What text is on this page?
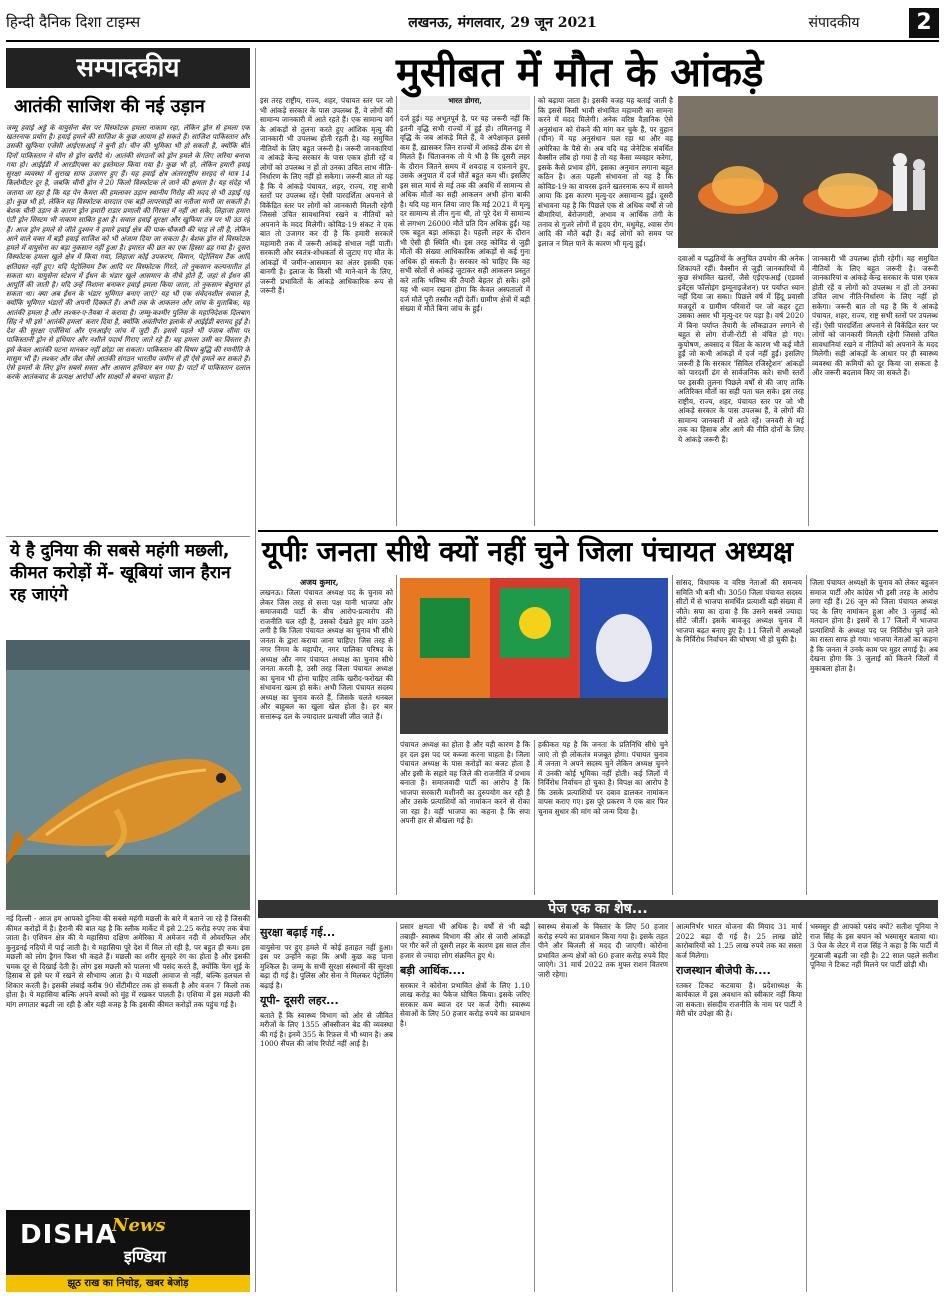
हिन्दी दैनिक दिशा टाइम्स	लखनऊ, मंगलवार, 29 जून 2021	संपादकीय	2
सम्पादकीय
आतंकी साजिश की नई उड़ान
जम्मू हवाई अड्डे के वायुसेना बेस पर विस्फोटक हमला नाकाम रहा, लेकिन ड्रोन से हमला एक खतरनाक प्रयोग है। हवाई हमले की साजिश के कुछ आयाम हो सकते हैं। साजिश पाकिस्तान और उसकी खुफिया एजेंसी आईएसआई ने बुनी हो। चीन की भूमिका भी हो सकती है, क्योंकि बीते दिनों पाकिस्तान ने चीन से ड्रोन खरीदे थे। आतंकी संगठनों को ड्रोन हमले के लिए जरिया बनाया गया हो। आईईडी में आरडीएक्स का इस्तेमाल किया गया है। कुछ भी हो, लेकिन हमारी हवाई सुरक्षा व्यवस्था में सुराख साफ उजागर हुए हैं। यह हवाई क्षेत्र अंतरराष्ट्रीय सरहद से मात्र 14 किलोमीटर दूर है, जबकि चीनी ड्रोन ने 20 किलो विस्फोटक ले जाने की क्षमता है। यह संदेह भी जताया जा रहा है कि यह पेन कैमरा की हमलावर उड़ान स्थानीय गिरोह की मदद से भी उड़ाई गई हो। कुछ भी हो, लेकिन यह विस्फोटक वारदात एक बड़ी लापरवाही का नतीजा मानी जा सकती है। बेशक चीनी उड़ान के कारण ड्रोन हमारी राडार प्रणाली की गिरफ्त में नहीं आ सके, लिहाजा हमारा एंटी ड्रोन सिस्टम भी नाकाम साबित हुआ है। सवाल हवाई सुरक्षा और खुफिया तंत्र पर भी उठ रहे हैं। आज ड्रोन हमले से जीते दुश्मन ने हमारे हवाई क्षेत्र की पाक-चौकसी की चाह ले ली है, लेकिन आने वाले वक्त में बड़ी हवाई साजिश को भी अंजाम दिया जा सकता है। बेशक ड्रोन से विस्फोटक हमले में वायुसेना का बड़ा नुकसान नहीं हुआ है। इमारत की छत का एक हिस्सा ढह गया है। दूसरा विस्फोटक हमला खुले क्षेत्र में किया गया, लिहाजा कोई उपकरण, विमान, पेट्रोलियम टैंक आदि क्षतिग्रस्त नहीं हुए। यदि पेट्रोलियम टैंक आदि पर विस्फोटक गिरते, तो नुकसान कल्पनातीत हो सकता था। वायुसेना स्टेशन में ईंधन के भंडार खुले आसमान के नीचे होते हैं, जहां से ईंधन की आपूर्ति की जाती है। यदि उन्हें निशाना बनाकर हवाई हमला किया जाता, तो नुकसान बेशुमार हो सकता था। क्या अब ईंधन के भंडार भूमिगत बनाए जाएं? यह भी एक संवेदनशील सवाल है, क्योंकि भूमिगत भंडारों की अपनी दिक्कतें हैं। अभी तक के आकलन और जांच के मुताबिक, यह आतंकी हमला है और लश्कर-ए-तैयबा ने कराया है। जम्मू-कश्मीर पुलिस के महानिदेशक दिलबाग सिंह ने भी इसे 'आतंकी हमला' करार दिया है, क्योंकि अवंतीपोरा इलाके से आईईडी बरामद हुई है। देश की सुरक्षा एजेंसियां और एनआईए जांच में जुटी हैं। इससे पहले भी पंजाब सीमा पर पाकिस्तानी ड्रोन से हथियार और नशीले पदार्थ गिराए जाते रहे हैं। यह हमला उसी का विस्तार है। इसे केवल आतंकी घटना मानकर नहीं छोड़ा जा सकता। पाकिस्तान की विषम बुद्धि की रणनीति के मासूम भी हैं। लश्कर और जैश जैसे आतंकी संगठन भारतीय जमीन से ही ऐसे हमले कर सकते हैं। ऐसे हमलों के लिए ड्रोन सबसे सस्ता और आसान हथियार बन गया है। पाटों में पाकिस्तान दलाल करके आतंकवाद के प्रत्यक्ष आरोपों और साक्ष्यों से बचना चाहता है।
ये है दुनिया की सबसे महंगी मछली, कीमत करोड़ों में- खूबियां जान हैरान रह जाएंगे
नई दिल्ली - आज हम आपको दुनिया की सबसे महंगी मछली के बारे में बताने जा रहे हैं जिसकी कीमत करोड़ों में है। हैरानी की बात यह है कि स्लीक मार्केट में इसे 2.25 करोड़ रुपए तक बेचा जाता है। एशियन क्षेत्र की ये महासिया दक्षिण अमेरिका में अमेजन नदी में ओवरफिल और कुनुडनई नदियों में पाई जाती है। ये महासिया पूरे देश में मिल तो रही है, पर बहुत ही कम। इस मछली को लोग ड्रैगन फिश भी कहते हैं। मछली का शरीर सुनहरे रंग का होता है और इसकी चमक दूर से दिखाई देती है। लोग इस मछली को पालना भी पसंद करते हैं, क्योंकि फेंग शुई के हिसाब से इसे घर में रखने से सौभाग्य आता है। ये मछली आवाज से नहीं, बल्कि हलचल से शिकार करती है। इसकी लंबाई करीब 90 सेंटीमीटर तक हो सकती है और वजन 7 किलो तक होता है। ये महासिया बल्कि अपने बच्चों को मुंह में रखकर पालती है। एशिया में इस मछली की मांग लगातार बढ़ती जा रही है और यही वजह है कि इसकी कीमत करोड़ों तक पहुंच गई है।
DISHA
News
इण्डिया
झूठ राख का निचोड़, खबर बेजोड़
इस तरह राष्ट्रीय, राज्य, शहर, पंचायत स्तर पर जो भी आंकड़े सरकार के पास उपलब्ध हैं, वे लोगों की सामान्य जानकारी में आते रहते हैं। एक सामान्य वर्ग के आंकड़ों से तुलना करते हुए आंशिक मृत्यु की जानकारी भी उपलब्ध होती रहती है। यह समुचित नीतियों के लिए बहुत जरूरी है। जरूरी जानकारियां व आंकड़े केन्द्र सरकार के पास एकत्र होती रहें व लोगों को उपलब्ध न हों तो उनका उचित लाभ नीति-निर्धारण के लिए नहीं हो सकेगा। जरूरी बात तो यह है कि ये आंकड़े पंचायत, शहर, राज्य, राष्ट्र सभी स्तरों पर उपलब्ध रहें। ऐसी पारदर्शिता अपनाने से विकेंद्रित स्तर पर लोगों को जानकारी मिलती रहेगी जिससे उचित सावधानियां रखने व नीतियों को अपनाने के मदद मिलेगी। कोविड-19 संकट ने एक बात तो उजागर कर दी है कि हमारी सरकारें महामारी तक में जरूरी आंकड़े संभाल नहीं पातीं। सरकारी और स्वतंत्र-शोधकर्ता से जुटाए गए मौत के आंकड़ों में जमीन-आसमान का अंतर इसकी एक बानगी है। इलाज के किसी भी माने-वाने के लिए, जरूरी प्रभावितों के आंकड़े आधिकारिक रूप से जरूरी हैं।
भारत डोगरा,
दर्ज हुई। यह अभूतपूर्व है, पर यह जरूरी नहीं कि इतनी वृद्धि सभी राज्यों में हुई हो। तमिलनाडु में वृद्धि के जब आंकड़े मिले हैं, वे अपेक्षाकृत इससे कम हैं, ख़ासकर जिन राज्यों में आंकड़े ठीक ढंग से मिलते हैं। चिंताजनक तो ये भी है कि दूसरी लहर के दौरान जितने समय में शवदाह व दफ़नाने हुए, उसके अनुपात में दर्ज मौतें बहुत कम थीं। इसलिए इस साल मार्च से मई तक की अवधि में सामान्य से अधिक मौतों का सही आकलन अभी होना बाकी है। यदि यह मान लिया जाए कि मई 2021 में मृत्यु दर सामान्य से तीन गुना थी, तो पूरे देश में सामान्य से लगभग 26000 मौतें प्रति दिन अधिक हुईं। यह एक बहुत बड़ा आंकड़ा है। पहली लहर के दौरान भी ऐसी ही स्थिति थी। इस तरह कोविड से जुड़ी मौतों की संख्या आधिकारिक आंकड़ों से कई गुना अधिक हो सकती है। सरकार को चाहिए कि वह सभी स्रोतों से आंकड़े जुटाकर सही आकलन प्रस्तुत करे ताकि भविष्य की तैयारी बेहतर हो सके। हमें यह भी ध्यान रखना होगा कि केवल अस्पतालों में दर्ज मौतें पूरी तस्वीर नहीं देतीं। ग्रामीण क्षेत्रों में बड़ी संख्या में मौतें बिना जांच के हुईं।
को बढ़ाया जाता है। इसकी वजह यह बताई जाती है कि इससे किसी भावी संभावित महामारी का सामना करने में मदद मिलेगी। अनेक वरिष्ठ वैज्ञानिक ऐसे अनुसंधान को रोकने की मांग कर चुके हैं, पर वुहान (चीन) में यह अनुसंधान चल रहा था और वह अमेरिका के पैसे से। अब यदि यह जेनेटिक संवर्धित वैक्सीन लॉब हो गया है तो यह कैसा व्यवहार करेगा, इसके कैसे प्रभाव होंगे, इसका अनुमान लगाना बहुत कठिन है। अतः पहली संभावना तो यह है कि कोविड-19 का वायरस इतने खतरनाक रूप में सामने आया कि इस कारण मृत्यु-दर असामान्य हुई। दूसरी संभावना यह है कि पिछले एक से अधिक वर्षों से जो बीमारियां, बेरोजगारी, अभाव व आर्थिक तंगी के तनाव से गुजरे लोगों में हृदय रोग, मधुमेह, श्वास रोग आदि की मौतें बढ़ी हैं। कई लोगों को समय पर इलाज न मिल पाने के कारण भी मृत्यु हुई।
मुसीबत में मौत के आंकड़े
दवाओं व पद्धतियों के अनुचित उपयोग की अनेक शिकायतें रहीं। वैक्सीन से जुड़ी जानकारियों में कुछ संभावित खतरों, जैसे एईएफआई (एडवर्स इवेंट्स फॉलोइंग इम्यूनाइजेशन) पर पर्याप्त ध्यान नहीं दिया जा सका। पिछले वर्ष में हिंदू प्रवासी मजदूरों व ग्रामीण परिवारों पर जो कहर टूटा उसका असर भी मृत्यु-दर पर पड़ा है। वर्ष 2020 में बिना पर्याप्त तैयारी के लॉकडाउन लगाने से बहुत से लोग रोजी-रोटी से वंचित हो गए। कुपोषण, अवसाद व चिंता के कारण भी कई मौतें हुईं जो कभी आंकड़ों में दर्ज नहीं हुईं। इसलिए जरूरी है कि सरकार 'सिविल रजिस्ट्रेशन' आंकड़ों को पारदर्शी ढंग से सार्वजनिक करे। सभी स्तरों पर इसकी तुलना पिछले वर्षों से की जाए ताकि अतिरिक्त मौतों का सही पता चल सके। इस तरह राष्ट्रीय, राज्य, शहर, पंचायत स्तर पर जो भी आंकड़े सरकार के पास उपलब्ध हैं, वे लोगों की सामान्य जानकारी में आते रहें। जनवरी से मई तक का हिसाब और आगे की नीति दोनों के लिए ये आंकड़े जरूरी हैं।
जानकारी भी उपलब्ध होती रहेगी। यह समुचित नीतियों के लिए बहुत जरूरी है। जरूरी जानकारियां व आंकड़े केन्द्र सरकार के पास एकत्र होती रहें व लोगों को उपलब्ध न हों तो उनका उचित लाभ नीति-निर्धारण के लिए नहीं हो सकेगा। जरूरी बात तो यह है कि ये आंकड़े पंचायत, शहर, राज्य, राष्ट्र सभी स्तरों पर उपलब्ध रहें। ऐसी पारदर्शिता अपनाने से विकेंद्रित स्तर पर लोगों को जानकारी मिलती रहेगी जिससे उचित सावधानियां रखने व नीतियों को अपनाने के मदद मिलेगी। सही आंकड़ों के आधार पर ही स्वास्थ्य व्यवस्था की कमियों को दूर किया जा सकता है और जरूरी बदलाव किए जा सकते हैं।
यूपीः जनता सीधे क्यों नहीं चुने जिला पंचायत अध्यक्ष
अजय कुमार,
लखनऊ। जिला पंचायत अध्यक्ष पद के चुनाव को लेकर जिस तरह से सत्ता पक्ष यानी भाजपा और समाजवादी पार्टी के बीच आरोप-प्रत्यारोप की राजनीति चल रही है, उसको देखते हुए मांग उठने लगी है कि जिला पंचायत अध्यक्ष का चुनाव भी सीधे जनता के द्वारा कराया जाना चाहिए। जिस तरह से नगर निगम के महापौर, नगर पालिका परिषद के अध्यक्ष और नगर पंचायत अध्यक्ष का चुनाव सीधे जनता करती है, उसी तरह जिला पंचायत अध्यक्ष का चुनाव भी होना चाहिए ताकि खरीद-फरोख्त की संभावना खत्म हो सके। अभी जिला पंचायत सदस्य अध्यक्ष का चुनाव करते हैं, जिसके चलते धनबल और बाहुबल का खुला खेल होता है। हर बार सत्तारूढ़ दल के ज्यादातर प्रत्याशी जीत जाते हैं।
पंचायत अध्यक्ष का होता है और यही कारण है कि हर दल इस पद पर कब्जा करना चाहता है। जिला पंचायत अध्यक्ष के पास करोड़ों का बजट होता है और इसी के सहारे वह जिले की राजनीति में प्रभाव बनाता है। समाजवादी पार्टी का आरोप है कि भाजपा सरकारी मशीनरी का दुरुपयोग कर रही है और उसके प्रत्याशियों को नामांकन करने से रोका जा रहा है। वहीं भाजपा का कहना है कि सपा अपनी हार से बौखला गई है।
हकीकत यह है कि जनता के प्रतिनिधि सीधे चुने जाएं तो ही लोकतंत्र मजबूत होगा। पंचायत चुनाव में जनता ने अपने सदस्य चुने लेकिन अध्यक्ष चुनने में उनकी कोई भूमिका नहीं होती। कई जिलों में निर्विरोध निर्वाचन हो चुका है। विपक्ष का आरोप है कि उसके प्रत्याशियों पर दबाव डालकर नामांकन वापस कराए गए। इस पूरे प्रकरण ने एक बार फिर चुनाव सुधार की मांग को जन्म दिया है।
सांसद, विधायक व वरिष्ठ नेताओं की समन्वय समिति भी बनी थी। 3050 जिला पंचायत सदस्य सीटों में से भाजपा समर्थित प्रत्याशी बड़ी संख्या में जीते। सपा का दावा है कि उसने सबसे ज्यादा सीटें जीतीं। इसके बावजूद अध्यक्ष चुनाव में भाजपा बढ़त बनाए हुए है। 11 जिलों में अध्यक्षों के निर्विरोध निर्वाचन की घोषणा भी हो चुकी है।
जिला पंचायत अध्यक्षों के चुनाव को लेकर बहुजन समाज पार्टी और कांग्रेस भी इसी तरह के आरोप लगा रही हैं। 26 जून को जिला पंचायत अध्यक्ष पद के लिए नामांकन हुआ और 3 जुलाई को मतदान होना है। इसमें से 17 जिलों में भाजपा प्रत्याशियों के अध्यक्ष पद पर निर्विरोध चुने जाने का रास्ता साफ हो गया। भाजपा नेताओं का कहना है कि जनता ने उनके काम पर मुहर लगाई है। अब देखना होगा कि 3 जुलाई को कितने जिलों में मुकाबला होता है।
पेज एक का शेष...
सुरक्षा बढ़ाई गई...
वायुसेना पर हुए हमले में कोई हताहत नहीं हुआ। इस पर उन्होंने कहा कि अभी कुछ कह पाना मुश्किल है। जम्मू के सभी सुरक्षा संस्थानों की सुरक्षा बढ़ा दी गई है। पुलिस और सेना ने मिलकर पेट्रोलिंग बढ़ाई है।
यूपी- दूसरी लहर...
बताते हैं कि स्वास्थ्य विभाग को ओर से जीवित मरीजों के लिए 1355 ऑक्सीजन बेड की व्यवस्था की गई है। इनमें 355 के रिफ़ल में भी ध्यान है। अब 1000 सैंपल की जांच रिपोर्ट नहीं आई है।
प्रसार क्षमता भी अधिक है। वर्षों से भी बढ़ी तबाही- स्वास्थ्य विभाग की ओर से जारी आंकड़ों पर गौर करें तो दूसरी लहर के कारण इस साल तीन हजार से ज्यादा लोग संक्रमित हुए थे।
बड़ी आर्थिक....
सरकार ने कोरोना प्रभावित क्षेत्रों के लिए 1.10 लाख करोड़ का पैकेज घोषित किया। इसके जरिए सरकार कम ब्याज दर पर कर्ज देगी। स्वास्थ्य सेवाओं के लिए 50 हजार करोड़ रुपये का प्रावधान है।
स्वास्थ्य सेवाओं के विस्तार के लिए 50 हजार करोड़ रुपये का प्रावधान किया गया है। इसके तहत पीने और बिजली से मदद दी जाएगी। कोरोना प्रभावित अन्य क्षेत्रों को 60 हजार करोड़ रुपये दिए जाएंगे। 31 मार्च 2022 तक मुफ्त राशन वितरण जारी रहेगा।
आत्मनिर्भर भारत योजना की मियाद 31 मार्च 2022 बढ़ा दी गई है। 25 लाख छोटे कारोबारियों को 1.25 लाख रुपये तक का सस्ता कर्ज मिलेगा।
राजस्थान बीजेपी के....
रतकर टिकट कटवाया है। प्रदेशाध्यक्ष के कार्यकाल में इस अवधान को स्वीकार नहीं किया जा सकता। संसदीय राजनीति के नाम पर पार्टी ने मेरी घोर उपेक्षा की है।
भस्मसुर ही आपको पसंद क्यों? सतीश पूनिया ने राज सिंह के इस बयान को भस्मासुर बताया था। 3 पेज के लेटर में राज सिंह ने कहा है कि पार्टी में गुटबाजी बढ़ती जा रही है। 22 साल पहले सतीश पूनिया ने टिकट नहीं मिलने पर पार्टी छोड़ी थी।
